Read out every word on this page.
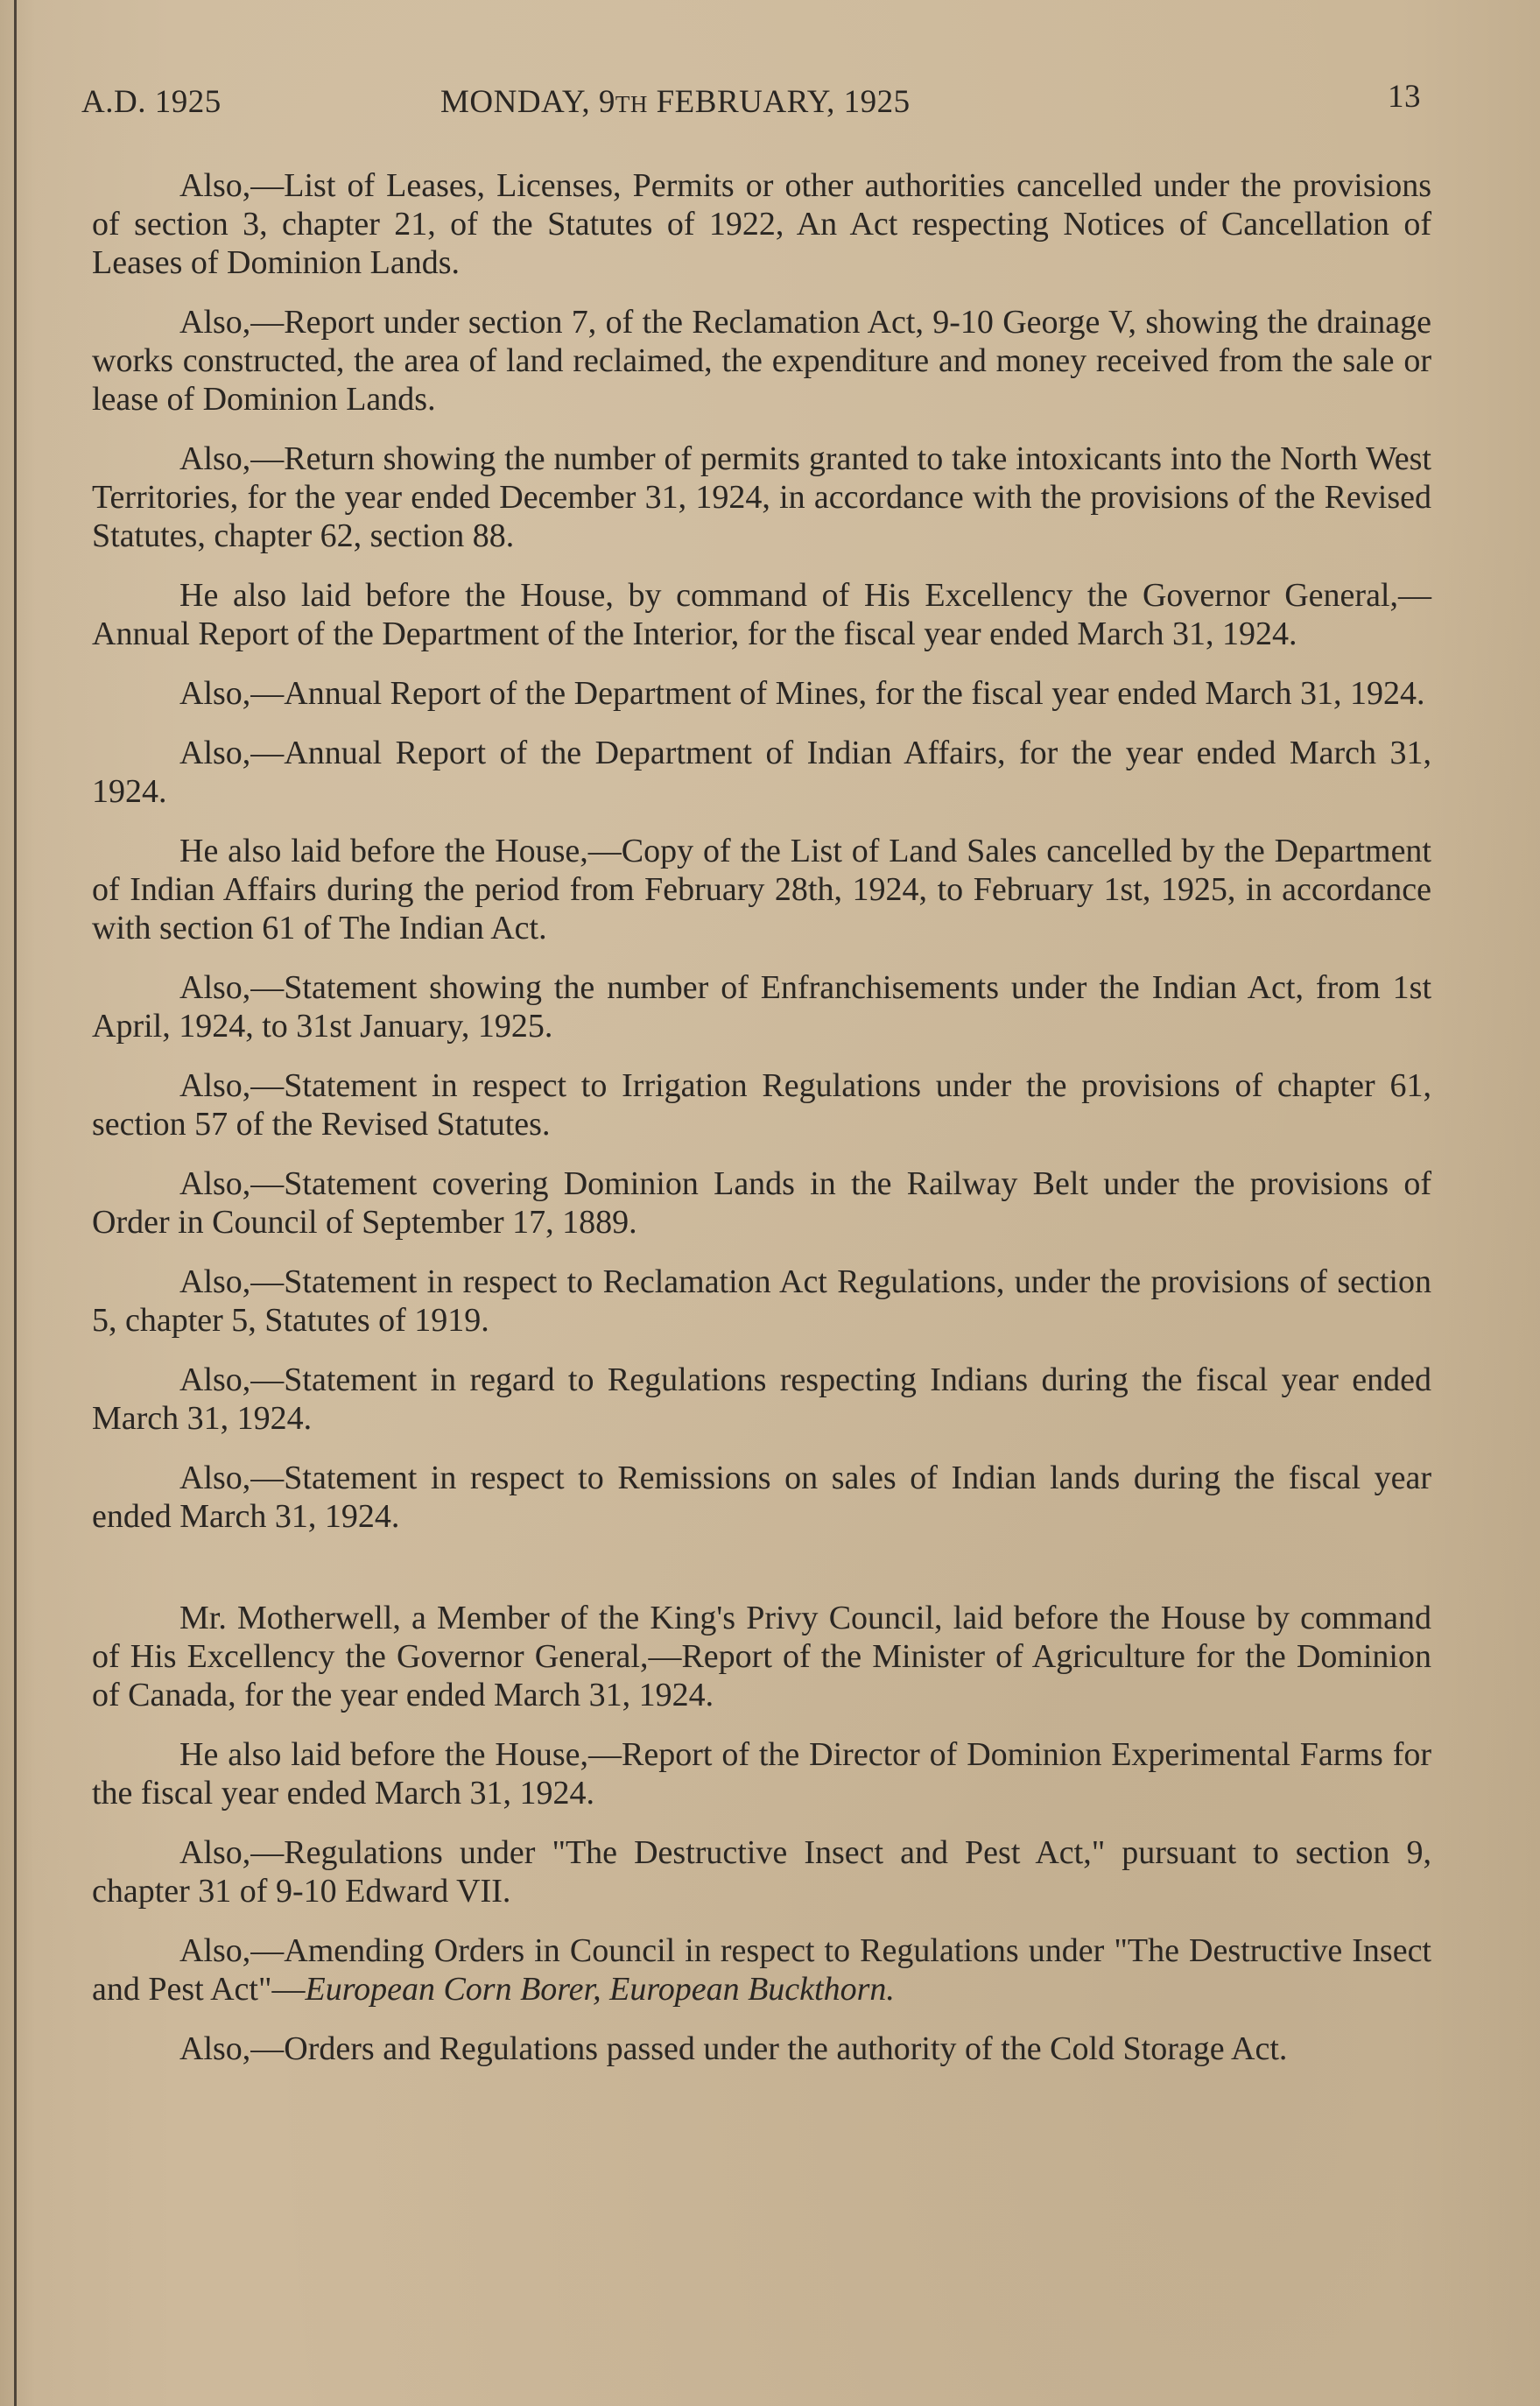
A.D. 1925	MONDAY, 9TH FEBRUARY, 1925	13

Also,—List of Leases, Licenses, Permits or other authorities cancelled under the provisions of section 3, chapter 21, of the Statutes of 1922, An Act respecting Notices of Cancellation of Leases of Dominion Lands.

Also,—Report under section 7, of the Reclamation Act, 9-10 George V, showing the drainage works constructed, the area of land reclaimed, the expenditure and money received from the sale or lease of Dominion Lands.

Also,—Return showing the number of permits granted to take intoxicants into the North West Territories, for the year ended December 31, 1924, in accordance with the provisions of the Revised Statutes, chapter 62, section 88.

He also laid before the House, by command of His Excellency the Governor General,—Annual Report of the Department of the Interior, for the fiscal year ended March 31, 1924.

Also,—Annual Report of the Department of Mines, for the fiscal year ended March 31, 1924.

Also,—Annual Report of the Department of Indian Affairs, for the year ended March 31, 1924.

He also laid before the House,—Copy of the List of Land Sales cancelled by the Department of Indian Affairs during the period from February 28th, 1924, to February 1st, 1925, in accordance with section 61 of The Indian Act.

Also,—Statement showing the number of Enfranchisements under the Indian Act, from 1st April, 1924, to 31st January, 1925.

Also,—Statement in respect to Irrigation Regulations under the provisions of chapter 61, section 57 of the Revised Statutes.

Also,—Statement covering Dominion Lands in the Railway Belt under the provisions of Order in Council of September 17, 1889.

Also,—Statement in respect to Reclamation Act Regulations, under the provisions of section 5, chapter 5, Statutes of 1919.

Also,—Statement in regard to Regulations respecting Indians during the fiscal year ended March 31, 1924.

Also,—Statement in respect to Remissions on sales of Indian lands during the fiscal year ended March 31, 1924.

Mr. Motherwell, a Member of the King's Privy Council, laid before the House by command of His Excellency the Governor General,—Report of the Minister of Agriculture for the Dominion of Canada, for the year ended March 31, 1924.

He also laid before the House,—Report of the Director of Dominion Experimental Farms for the fiscal year ended March 31, 1924.

Also,—Regulations under "The Destructive Insect and Pest Act," pursuant to section 9, chapter 31 of 9-10 Edward VII.

Also,—Amending Orders in Council in respect to Regulations under "The Destructive Insect and Pest Act"—European Corn Borer, European Buckthorn.

Also,—Orders and Regulations passed under the authority of the Cold Storage Act.
